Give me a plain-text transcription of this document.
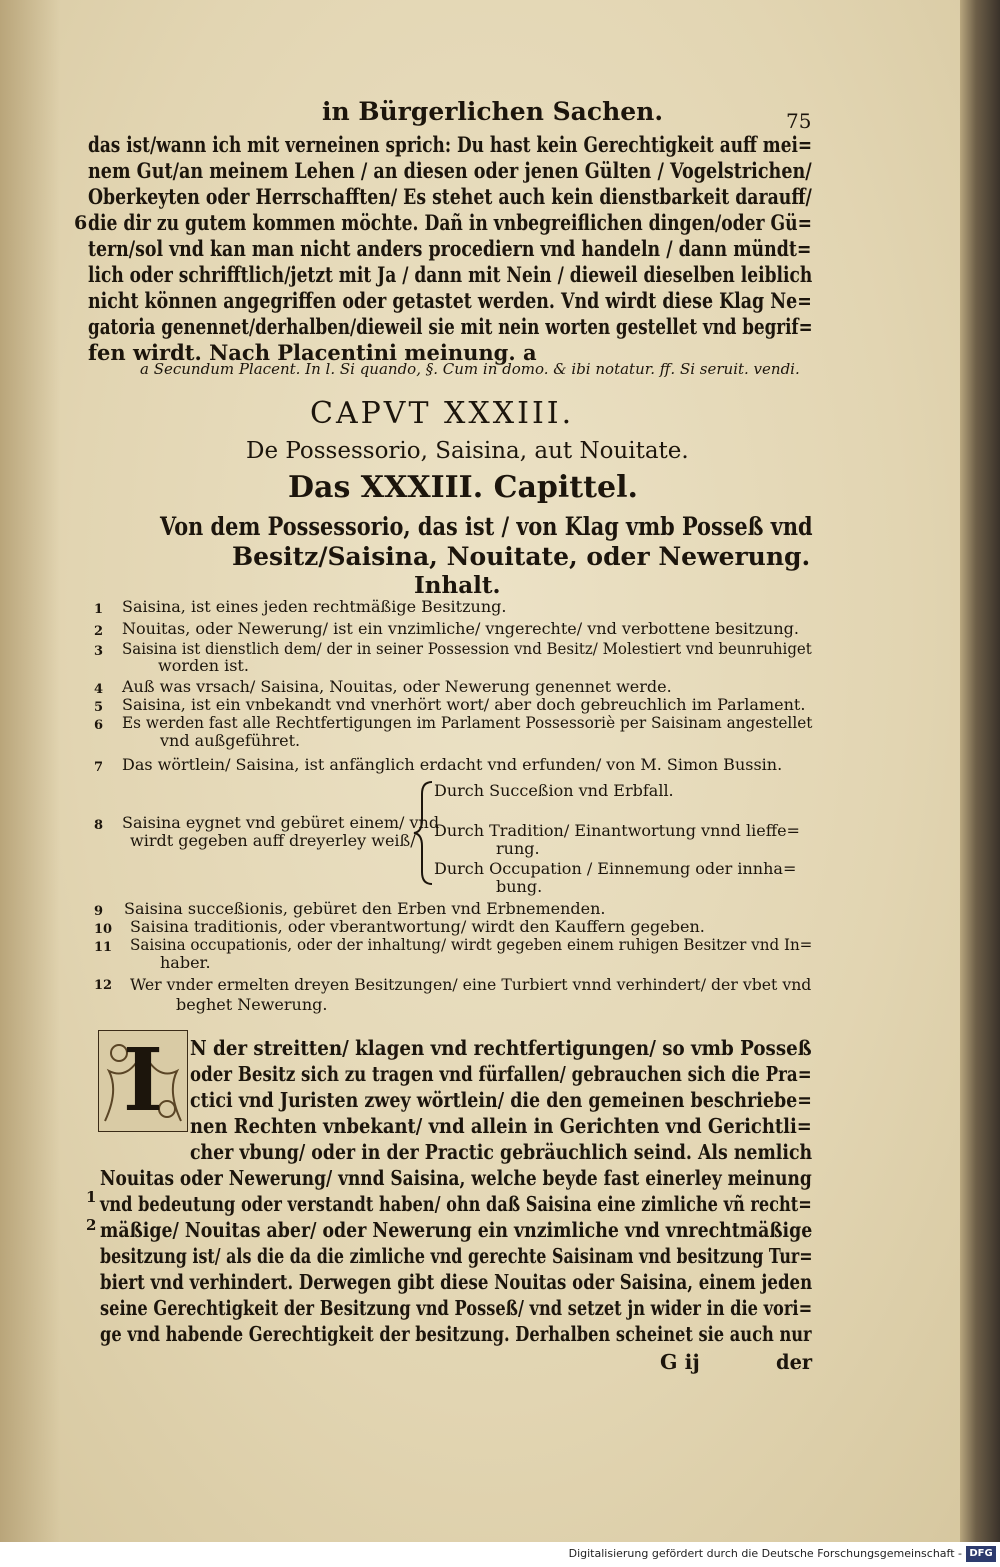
in Bürgerlichen Sachen.	75
das ist/wann ich mit verneinen sprich: Du hast kein Gerechtigkeit auff mei=
nem Gut/an meinem Lehen / an diesen oder jenen Gülten / Vogelstrichen/
Oberkeyten oder Herrschafften/ Es stehet auch kein dienstbarkeit darauff/
6 die dir zu gutem kommen möchte. Dañ in vnbegreiflichen dingen/oder Gü=
tern/sol vnd kan man nicht anders procediern vnd handeln / dann mündt=
lich oder schrifftlich/jetzt mit Ja / dann mit Nein / dieweil dieselben leiblich
nicht können angegriffen oder getastet werden. Vnd wirdt diese Klag Ne=
gatoria genennet/derhalben/dieweil sie mit nein worten gestellet vnd begrif=
fen wirdt. Nach Placentini meinung. a
a Secundum Placent. In l. Si quando, §. Cum in domo. & ibi notatur. ff. Si seruit. vendi.
CAPVT XXXIII.
De Possessorio, Saisina, aut Nouitate.
Das XXXIII. Capittel.
Von dem Possessorio, das ist / von Klag vmb Posseß vnd
Besitz/Saisina, Nouitate, oder Newerung.
Inhalt.
1 Saisina, ist eines jeden rechtmäßige Besitzung.
2 Nouitas, oder Newerung/ ist ein vnzimliche/ vngerechte/ vnd verbottene besitzung.
3 Saisina ist dienstlich dem/ der in seiner Possession vnd Besitz/ Molestiert vnd beunruhiget
worden ist.
4 Auß was vrsach/ Saisina, Nouitas, oder Newerung genennet werde.
5 Saisina, ist ein vnbekandt vnd vnerhört wort/ aber doch gebreuchlich im Parlament.
6 Es werden fast alle Rechtfertigungen im Parlament Possessoriè per Saisinam angestellet
vnd außgeführet.
7 Das wörtlein/ Saisina, ist anfänglich erdacht vnd erfunden/ von M. Simon Bussin.
8 Saisina eygnet vnd gebüret einem/ vnd
wirdt gegeben auff dreyerley weiß/
Durch Succeßion vnd Erbfall.
Durch Tradition/ Einantwortung vnnd lieffe=
rung.
Durch Occupation / Einnemung oder innha=
bung.
9 Saisina succeßionis, gebüret den Erben vnd Erbnemenden.
10 Saisina traditionis, oder vberantwortung/ wirdt den Kauffern gegeben.
11 Saisina occupationis, oder der inhaltung/ wirdt gegeben einem ruhigen Besitzer vnd In=
haber.
12 Wer vnder ermelten dreyen Besitzungen/ eine Turbiert vnnd verhindert/ der vbet vnd
beghet Newerung.
I	N der streitten/ klagen vnd rechtfertigungen/ so vmb Posseß
oder Besitz sich zu tragen vnd fürfallen/ gebrauchen sich die Pra=
ctici vnd Juristen zwey wörtlein/ die den gemeinen beschriebe=
nen Rechten vnbekant/ vnd allein in Gerichten vnd Gerichtli=
cher vbung/ oder in der Practic gebräuchlich seind. Als nemlich
Nouitas oder Newerung/ vnnd Saisina, welche beyde fast einerley meinung
vnd bedeutung oder verstandt haben/ ohn daß Saisina eine zimliche vñ recht=
1
mäßige/ Nouitas aber/ oder Newerung ein vnzimliche vnd vnrechtmäßige
2
besitzung ist/ als die da die zimliche vnd gerechte Saisinam vnd besitzung Tur=
biert vnd verhindert. Derwegen gibt diese Nouitas oder Saisina, einem jeden
seine Gerechtigkeit der Besitzung vnd Posseß/ vnd setzet jn wider in die vori=
ge vnd habende Gerechtigkeit der besitzung. Derhalben scheinet sie auch nur
G ij	der
Digitalisierung gefördert durch die Deutsche Forschungsgemeinschaft - DFG
